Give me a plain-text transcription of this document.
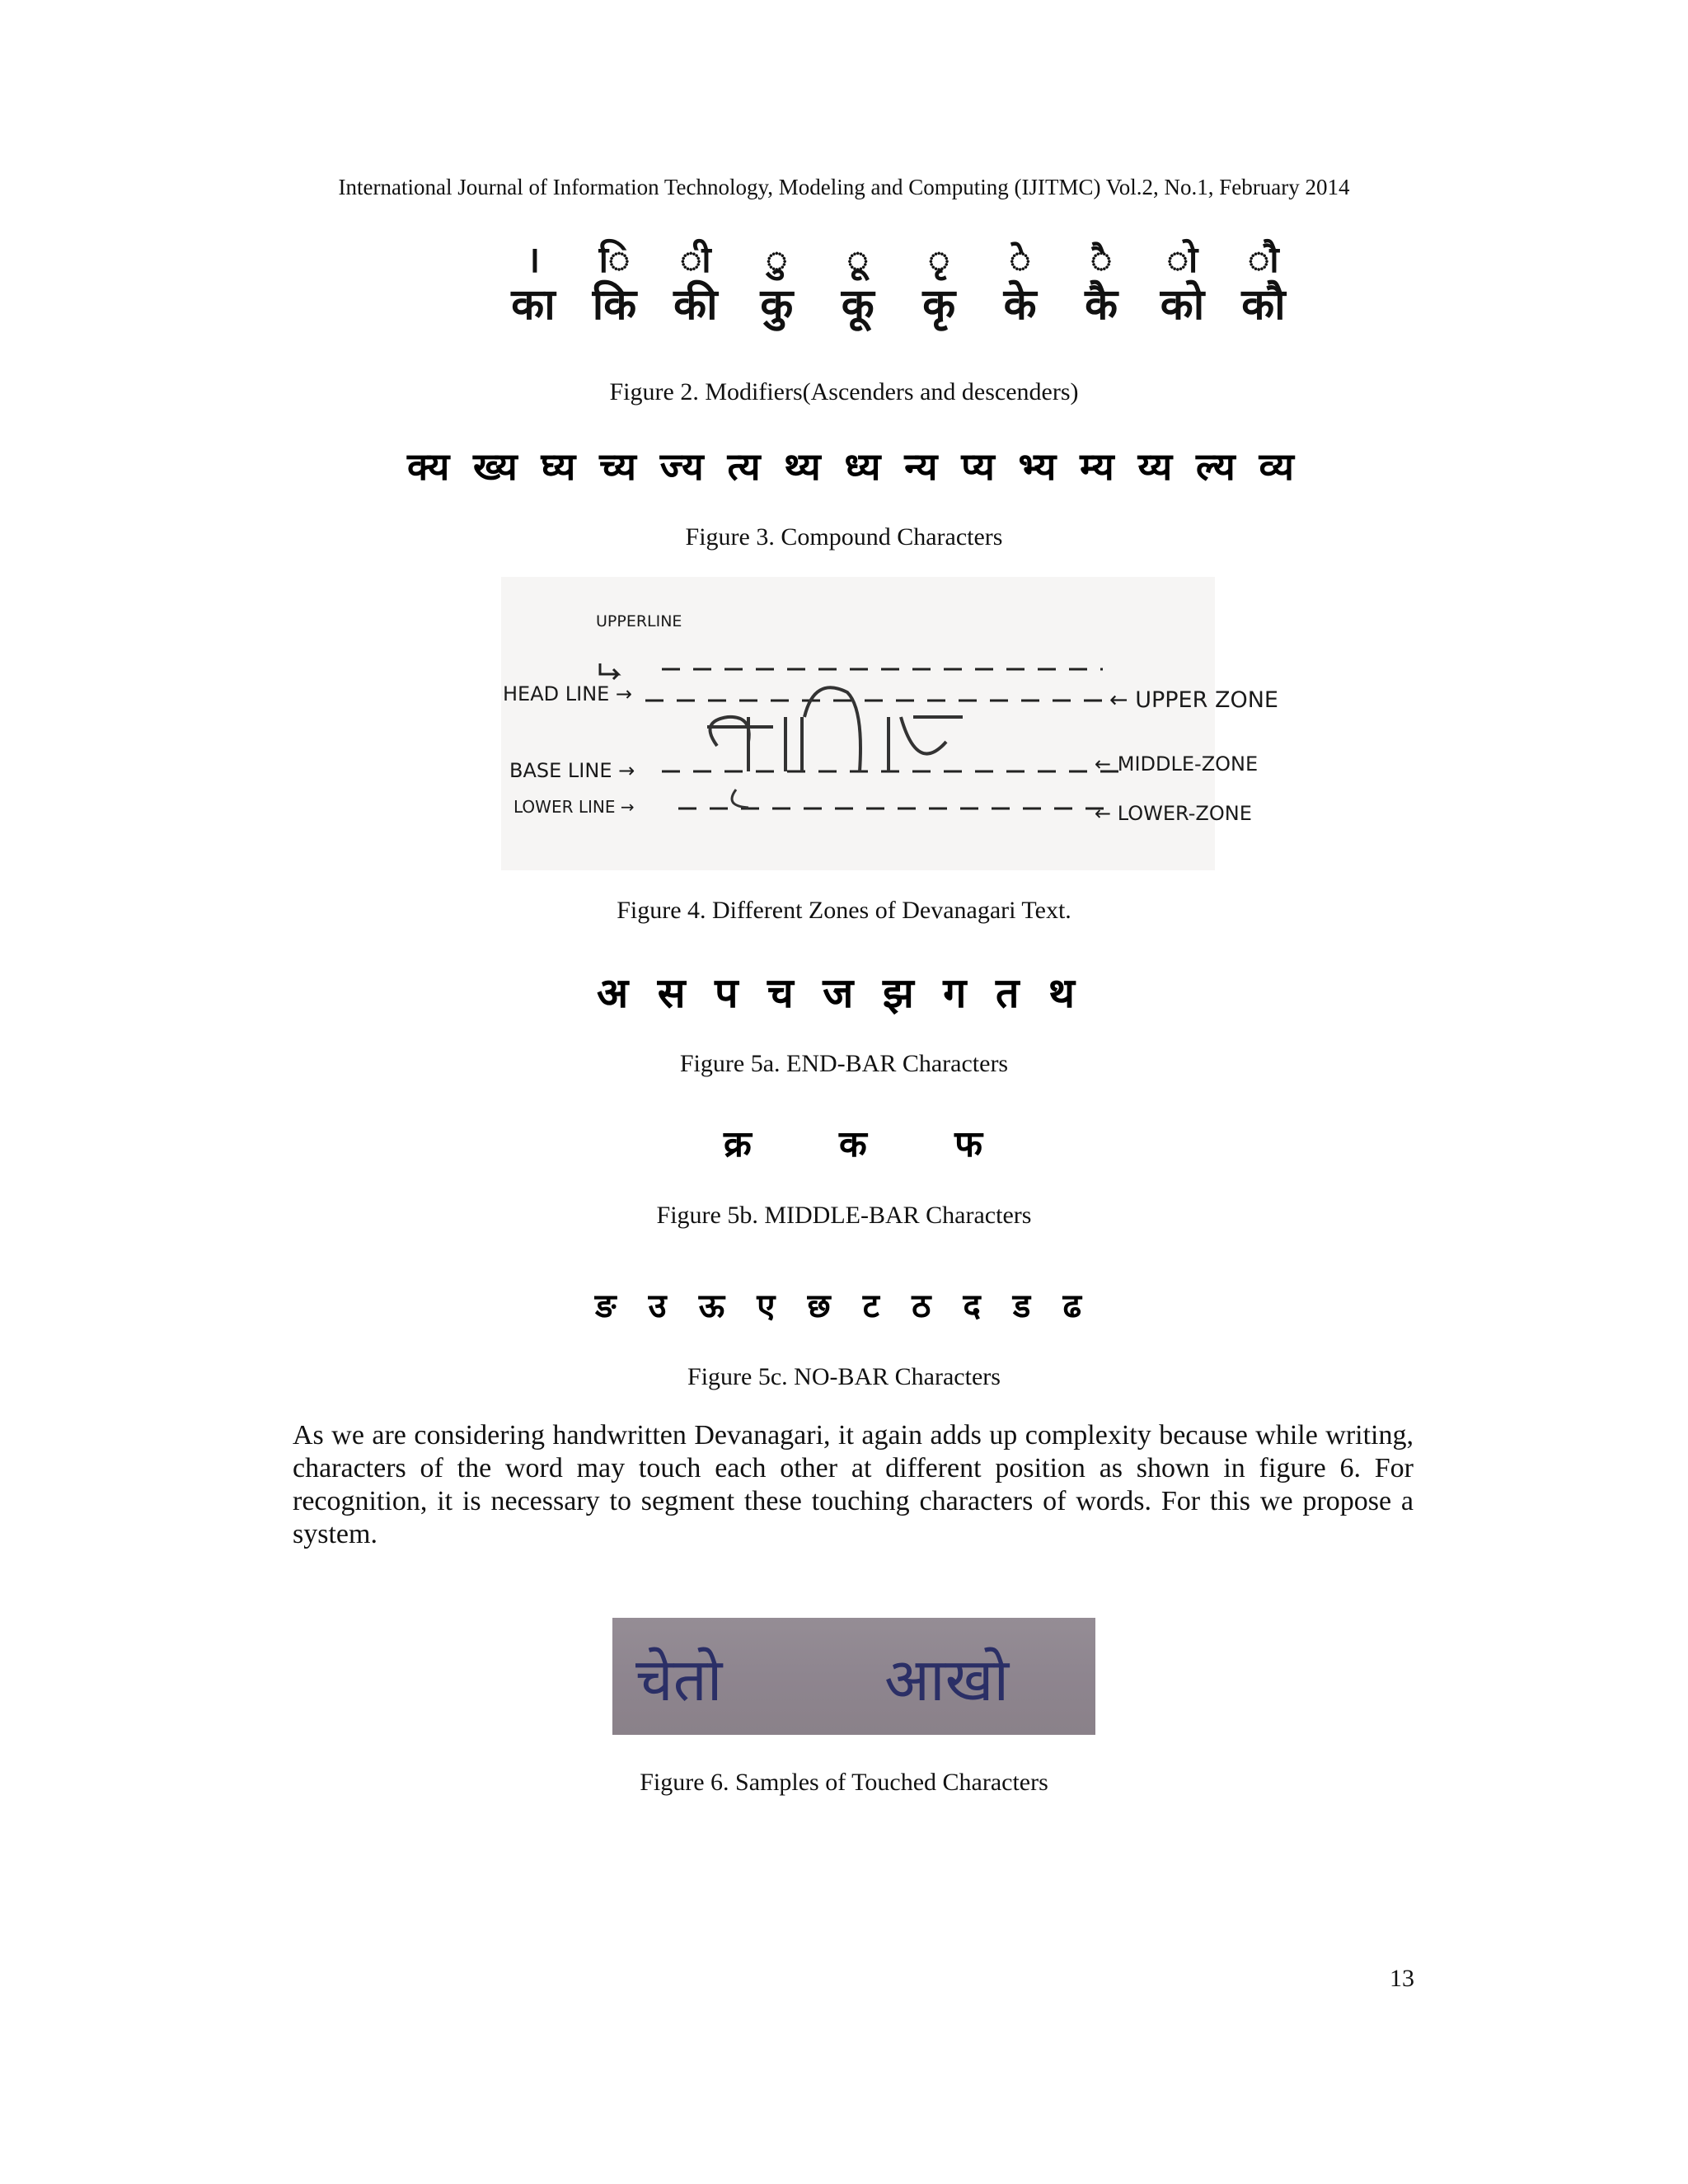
International Journal of Information Technology, Modeling and Computing (IJITMC) Vol.2, No.1, February 2014
।
का
ि
कि
ी
की
ु
कु
ू
कू
ृ
कृ
े
के
ै
कै
ो
को
ौ
कौ
Figure 2. Modifiers(Ascenders and descenders)
क्य ख्य घ्य च्य ज्य त्य थ्य ध्य न्य प्य भ्य म्य य्य ल्य व्य
Figure 3. Compound Characters
UPPERLINE
HEAD LINE →
BASE LINE →
LOWER LINE →
← UPPER ZONE
← MIDDLE-ZONE
← LOWER-ZONE
Figure 4. Different Zones of Devanagari Text.
अ स प च ज झ ग त थ
Figure 5a. END-BAR Characters
क्र क फ
Figure 5b. MIDDLE-BAR Characters
ङ उ ऊ ए छ ट ठ द ड ढ
Figure 5c. NO-BAR Characters
As we are considering handwritten Devanagari, it again adds up complexity because while writing, characters of the word may touch each other at different position as shown in figure 6. For recognition, it is necessary to segment these touching characters of words. For this we propose a system.
चेतो	आखो
Figure 6. Samples of Touched Characters
13
